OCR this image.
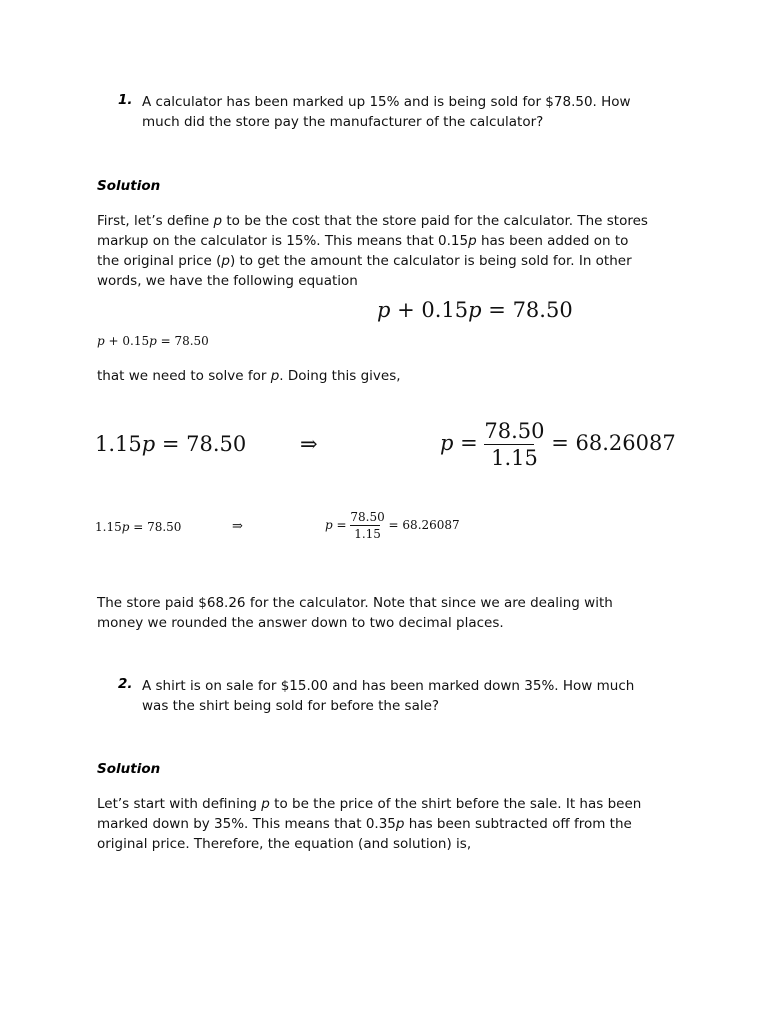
1. A calculator has been marked up 15% and is being sold for $78.50. How
much did the store pay the manufacturer of the calculator?
Solution
First, let’s define p to be the cost that the store paid for the calculator. The stores
markup on the calculator is 15%. This means that 0.15p has been added on to
the original price (p) to get the amount the calculator is being sold for. In other
words, we have the following equation
p + 0.15p = 78.50
p + 0.15p = 78.50
that we need to solve for p. Doing this gives,
1.15p = 78.50	⇒	$p = \frac{78.50}{1.15} = 68.26087$
1.15p = 78.50	⇒	$p = \frac{78.50}{1.15} = 68.26087$
The store paid $68.26 for the calculator. Note that since we are dealing with
money we rounded the answer down to two decimal places.
2. A shirt is on sale for $15.00 and has been marked down 35%. How much
was the shirt being sold for before the sale?
Solution
Let’s start with defining p to be the price of the shirt before the sale. It has been
marked down by 35%. This means that 0.35p has been subtracted off from the
original price. Therefore, the equation (and solution) is,
